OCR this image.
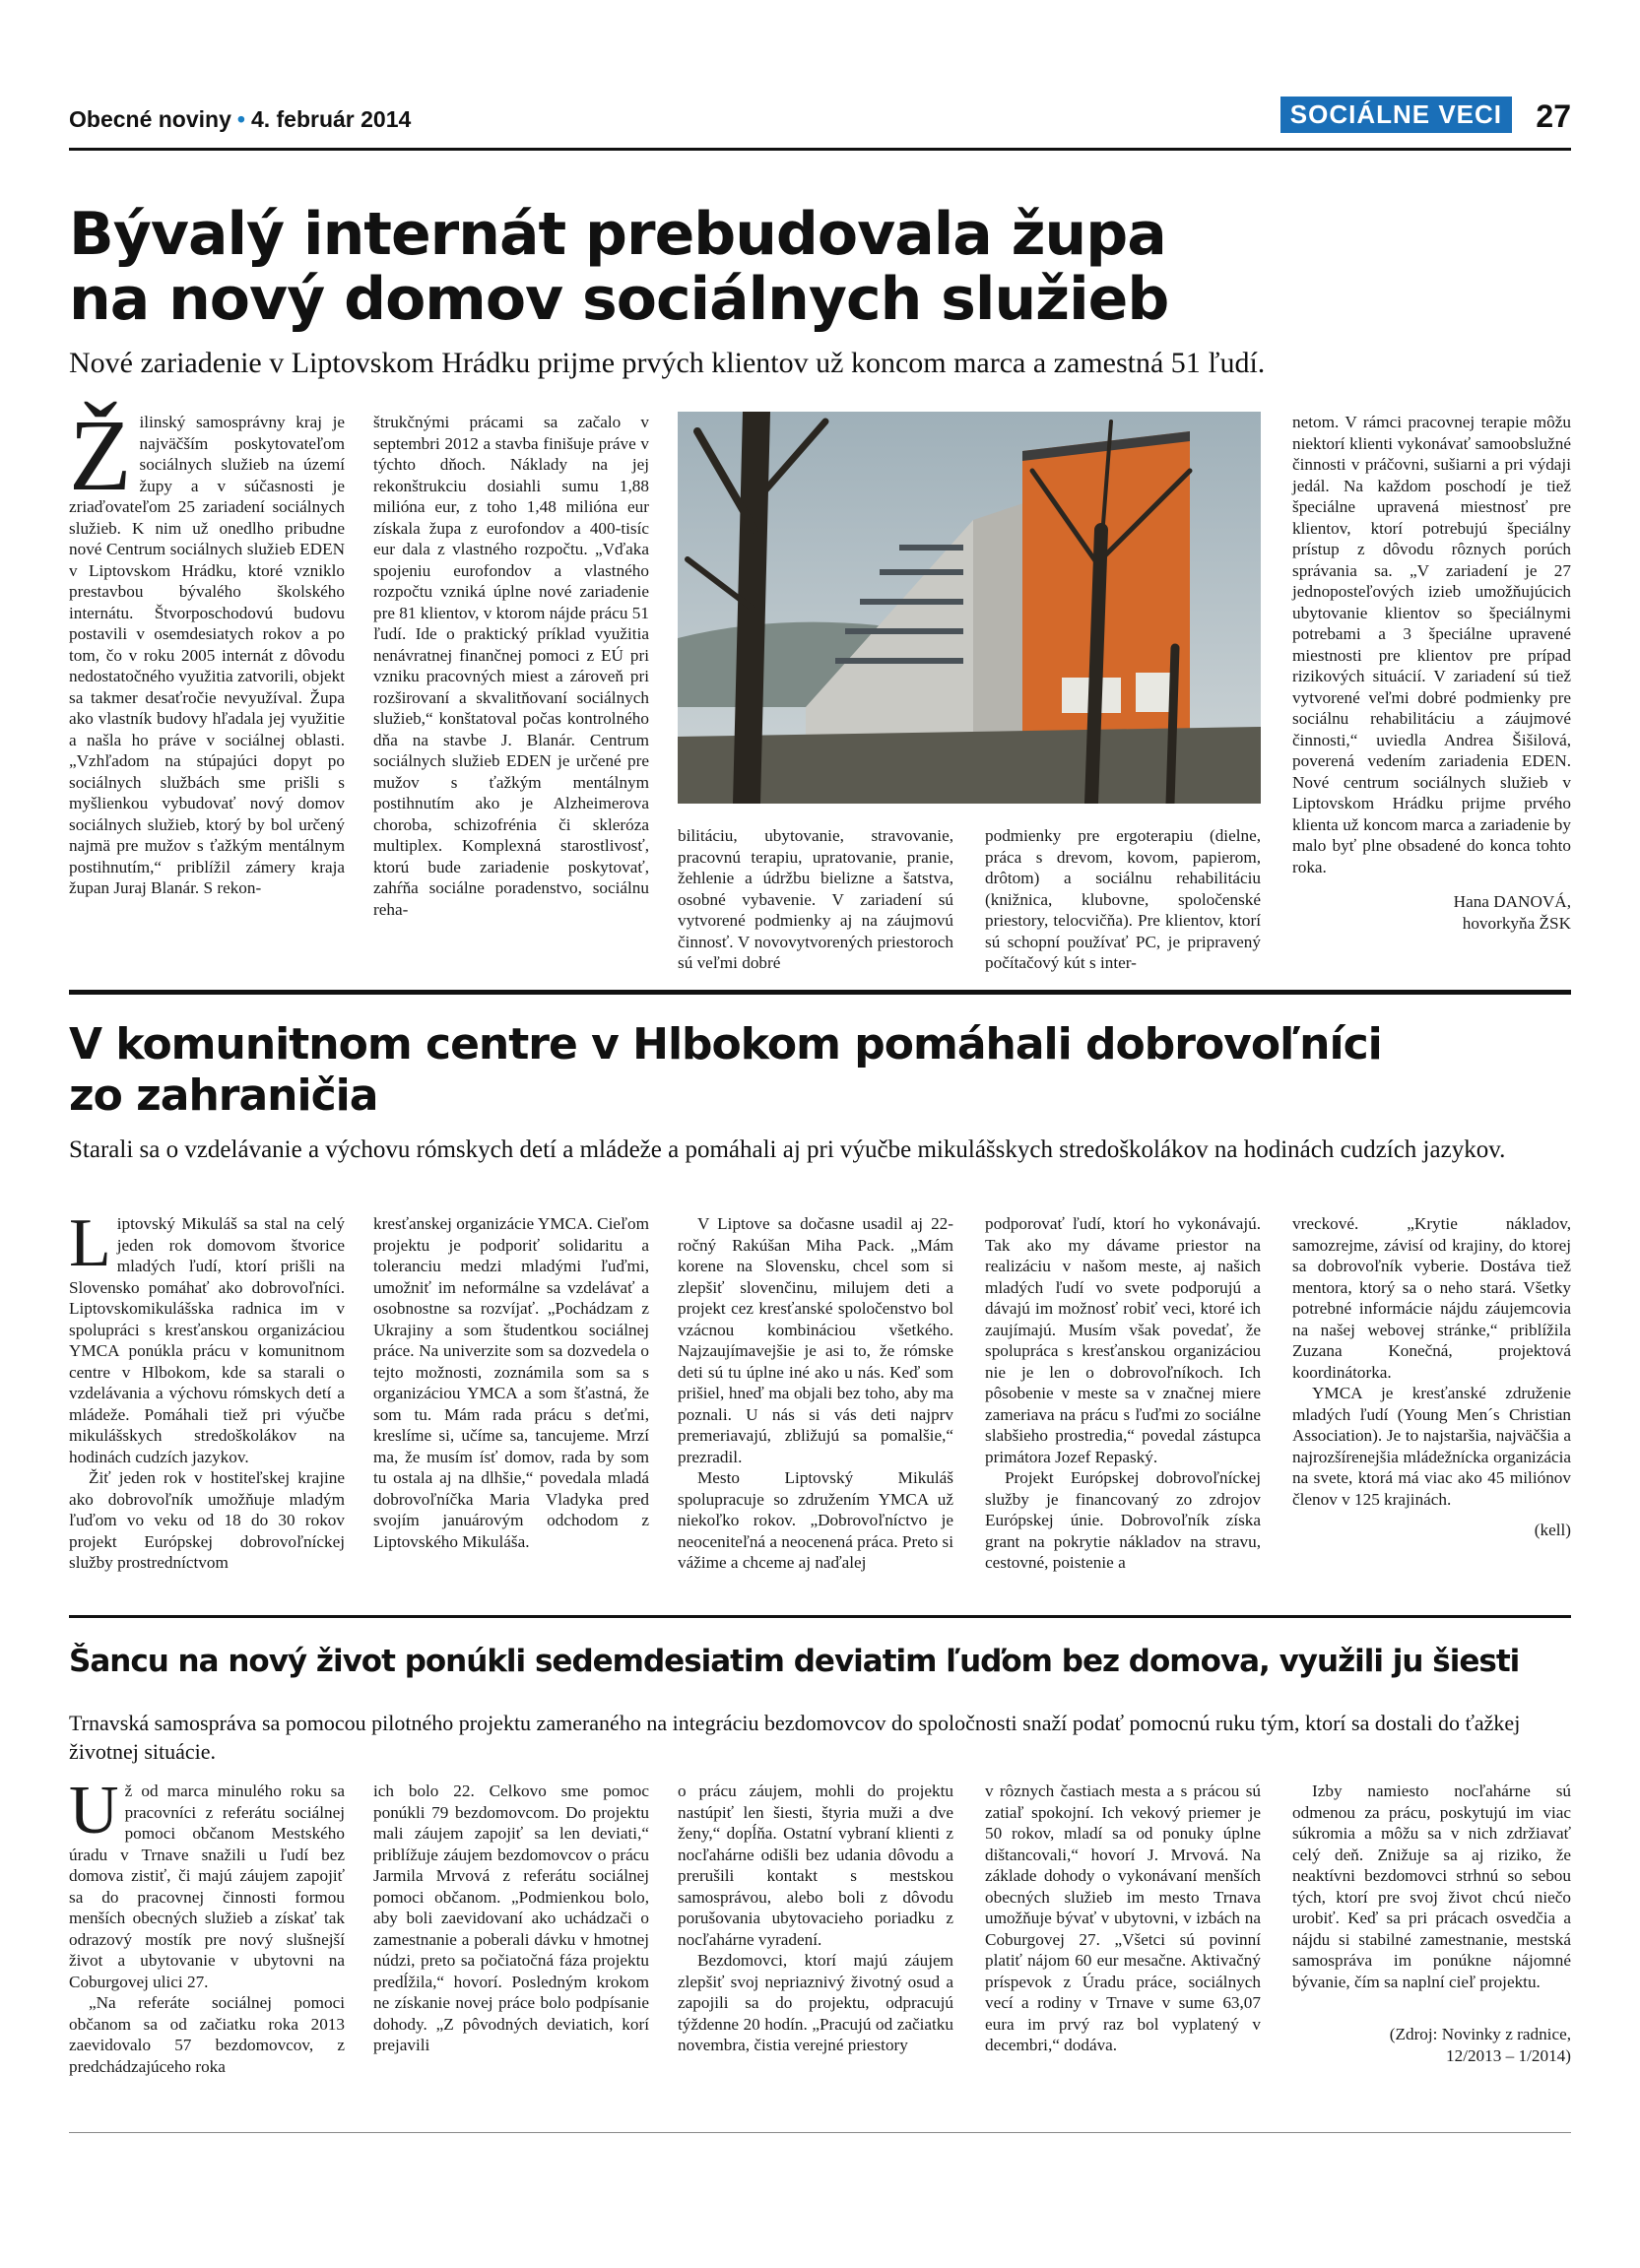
Obecné noviny • 4. február 2014	SOCIÁLNE VECI	27
Bývalý internát prebudovala župa
na nový domov sociálnych služieb
Nové zariadenie v Liptovskom Hrádku prijme prvých klientov už koncom marca a zamestná 51 ľudí.
Žilinský samosprávny kraj je najväčším poskytovateľom sociálnych služieb na území župy a v súčasnosti je zriaďovateľom 25 zariadení sociálnych služieb. K nim už onedlho pribudne nové Centrum sociálnych služieb EDEN v Liptovskom Hrádku, ktoré vzniklo prestavbou bývalého školského internátu. Štvorposchodovú budovu postavili v osemdesiatych rokov a po tom, čo v roku 2005 internát z dôvodu nedostatočného využitia zatvorili, objekt sa takmer desaťročie nevyužíval. Župa ako vlastník budovy hľadala jej využitie a našla ho práve v sociálnej oblasti. „Vzhľadom na stúpajúci dopyt po sociálnych službách sme prišli s myšlienkou vybudovať nový domov sociálnych služieb, ktorý by bol určený najmä pre mužov s ťažkým mentálnym postihnutím,“ priblížil zámery kraja župan Juraj Blanár. S rekon-
štrukčnými prácami sa začalo v septembri 2012 a stavba finišuje práve v týchto dňoch. Náklady na jej rekonštrukciu dosiahli sumu 1,88 milióna eur, z toho 1,48 milióna eur získala župa z eurofondov a 400-tisíc eur dala z vlastného rozpočtu. „Vďaka spojeniu eurofondov a vlastného rozpočtu vzniká úplne nové zariadenie pre 81 klientov, v ktorom nájde prácu 51 ľudí. Ide o praktický príklad využitia nenávratnej finančnej pomoci z EÚ pri vzniku pracovných miest a zároveň pri rozširovaní a skvalitňovaní sociálnych služieb,“ konštatoval počas kontrolného dňa na stavbe J. Blanár. Centrum sociálnych služieb EDEN je určené pre mužov s ťažkým mentálnym postihnutím ako je Alzheimerova choroba, schizofrénia či skleróza multiplex. Komplexná starostlivosť, ktorú bude zariadenie poskytovať, zahŕňa sociálne poradenstvo, sociálnu reha-
bilitáciu, ubytovanie, stravovanie, pracovnú terapiu, upratovanie, pranie, žehlenie a údržbu bielizne a šatstva, osobné vybavenie. V zariadení sú vytvorené podmienky aj na záujmovú činnosť. V novovytvorených priestoroch sú veľmi dobré
podmienky pre ergoterapiu (dielne, práca s drevom, kovom, papierom, drôtom) a sociálnu rehabilitáciu (knižnica, klubovne, spoločenské priestory, telocvičňa). Pre klientov, ktorí sú schopní používať PC, je pripravený počítačový kút s inter-
netom. V rámci pracovnej terapie môžu niektorí klienti vykonávať samoobslužné činnosti v práčovni, sušiarni a pri výdaji jedál. Na každom poschodí je tiež špeciálne upravená miestnosť pre klientov, ktorí potrebujú špeciálny prístup z dôvodu rôznych porúch správania sa. „V zariadení je 27 jednoposteľových izieb umožňujúcich ubytovanie klientov so špeciálnymi potrebami a 3 špeciálne upravené miestnosti pre klientov pre prípad rizikových situácií. V zariadení sú tiež vytvorené veľmi dobré podmienky pre sociálnu rehabilitáciu a záujmové činnosti,“ uviedla Andrea Šišilová, poverená vedením zariadenia EDEN. Nové centrum sociálnych služieb v Liptovskom Hrádku prijme prvého klienta už koncom marca a zariadenie by malo byť plne obsadené do konca tohto roka.
Hana DANOVÁ,
hovorkyňa ŽSK
V komunitnom centre v Hlbokom pomáhali dobrovoľníci
zo zahraničia
Starali sa o vzdelávanie a výchovu rómskych detí a mládeže a pomáhali aj pri výučbe mikulášskych stredoškolákov na hodinách cudzích jazykov.
Liptovský Mikuláš sa stal na celý jeden rok domovom štvorice mladých ľudí, ktorí prišli na Slovensko pomáhať ako dobrovoľníci. Liptovskomikulášska radnica im v spolupráci s kresťanskou organizáciou YMCA ponúkla prácu v komunitnom centre v Hlbokom, kde sa starali o vzdelávania a výchovu rómskych detí a mládeže. Pomáhali tiež pri výučbe mikulášskych stredoškolákov na hodinách cudzích jazykov.
Žiť jeden rok v hostiteľskej krajine ako dobrovoľník umožňuje mladým ľuďom vo veku od 18 do 30 rokov projekt Európskej dobrovoľníckej služby prostredníctvom
kresťanskej organizácie YMCA. Cieľom projektu je podporiť solidaritu a toleranciu medzi mladými ľuďmi, umožniť im neformálne sa vzdelávať a osobnostne sa rozvíjať. „Pochádzam z Ukrajiny a som študentkou sociálnej práce. Na univerzite som sa dozvedela o tejto možnosti, zoznámila som sa s organizáciou YMCA a som šťastná, že som tu. Mám rada prácu s deťmi, kreslíme si, učíme sa, tancujeme. Mrzí ma, že musím ísť domov, rada by som tu ostala aj na dlhšie,“ povedala mladá dobrovoľníčka Maria Vladyka pred svojím januárovým odchodom z Liptovského Mikuláša.
V Liptove sa dočasne usadil aj 22-ročný Rakúšan Miha Pack. „Mám korene na Slovensku, chcel som si zlepšiť slovenčinu, milujem deti a projekt cez kresťanské spoločenstvo bol vzácnou kombináciou všetkého. Najzaujímavejšie je asi to, že rómske deti sú tu úplne iné ako u nás. Keď som prišiel, hneď ma objali bez toho, aby ma poznali. U nás si vás deti najprv premeriavajú, zbližujú sa pomalšie,“ prezradil.
Mesto Liptovský Mikuláš spolupracuje so združením YMCA už niekoľko rokov. „Dobrovoľníctvo je neoceniteľná a neocenená práca. Preto si vážime a chceme aj naďalej
podporovať ľudí, ktorí ho vykonávajú. Tak ako my dávame priestor na realizáciu v našom meste, aj našich mladých ľudí vo svete podporujú a dávajú im možnosť robiť veci, ktoré ich zaujímajú. Musím však povedať, že spolupráca s kresťanskou organizáciou nie je len o dobrovoľníkoch. Ich pôsobenie v meste sa v značnej miere zameriava na prácu s ľuďmi zo sociálne slabšieho prostredia,“ povedal zástupca primátora Jozef Repaský.
Projekt Európskej dobrovoľníckej služby je financovaný zo zdrojov Európskej únie. Dobrovoľník získa grant na pokrytie nákladov na stravu, cestovné, poistenie a
vreckové. „Krytie nákladov, samozrejme, závisí od krajiny, do ktorej sa dobrovoľník vyberie. Dostáva tiež mentora, ktorý sa o neho stará. Všetky potrebné informácie nájdu záujemcovia na našej webovej stránke,“ priblížila Zuzana Konečná, projektová koordinátorka.
YMCA je kresťanské združenie mladých ľudí (Young Men´s Christian Association). Je to najstaršia, najväčšia a najrozšírenejšia mládežnícka organizácia na svete, ktorá má viac ako 45 miliónov členov v 125 krajinách.
(kell)
Šancu na nový život ponúkli sedemdesiatim deviatim ľuďom bez domova, využili ju šiesti
Trnavská samospráva sa pomocou pilotného projektu zameraného na integráciu bezdomovcov do spoločnosti snaží podať pomocnú ruku tým, ktorí sa dostali do ťažkej životnej situácie.
Už od marca minulého roku sa pracovníci z referátu sociálnej pomoci občanom Mestského úradu v Trnave snažili u ľudí bez domova zistiť, či majú záujem zapojiť sa do pracovnej činnosti formou menších obecných služieb a získať tak odrazový mostík pre nový slušnejší život a ubytovanie v ubytovni na Coburgovej ulici 27.
„Na referáte sociálnej pomoci občanom sa od začiatku roka 2013 zaevidovalo 57 bezdomovcov, z predchádzajúceho roka
ich bolo 22. Celkovo sme pomoc ponúkli 79 bezdomovcom. Do projektu mali záujem zapojiť sa len deviati,“ priblížuje záujem bezdomovcov o prácu Jarmila Mrvová z referátu sociálnej pomoci občanom. „Podmienkou bolo, aby boli zaevidovaní ako uchádzači o zamestnanie a poberali dávku v hmotnej núdzi, preto sa počiatočná fáza projektu predĺžila,“ hovorí. Posledným krokom ne získanie novej práce bolo podpísanie dohody. „Z pôvodných deviatich, korí prejavili
o prácu záujem, mohli do projektu nastúpiť len šiesti, štyria muži a dve ženy,“ dopĺňa. Ostatní vybraní klienti z nocľahárne odišli bez udania dôvodu a prerušili kontakt s mestskou samosprávou, alebo boli z dôvodu porušovania ubytovacieho poriadku z nocľahárne vyradení.
Bezdomovci, ktorí majú záujem zlepšiť svoj nepriaznivý životný osud a zapojili sa do projektu, odpracujú týždenne 20 hodín. „Pracujú od začiatku novembra, čistia verejné priestory
v rôznych častiach mesta a s prácou sú zatiaľ spokojní. Ich vekový priemer je 50 rokov, mladí sa od ponuky úplne dištancovali,“ hovorí J. Mrvová. Na základe dohody o vykonávaní menších obecných služieb im mesto Trnava umožňuje bývať v ubytovni, v izbách na Coburgovej 27. „Všetci sú povinní platiť nájom 60 eur mesačne. Aktivačný príspevok z Úradu práce, sociálnych vecí a rodiny v Trnave v sume 63,07 eura im prvý raz bol vyplatený v decembri,“ dodáva.
Izby namiesto nocľahárne sú odmenou za prácu, poskytujú im viac súkromia a môžu sa v nich zdržiavať celý deň. Znižuje sa aj riziko, že neaktívni bezdomovci strhnú so sebou tých, ktorí pre svoj život chcú niečo urobiť. Keď sa pri prácach osvedčia a nájdu si stabilné zamestnanie, mestská samospráva im ponúkne nájomné bývanie, čím sa naplní cieľ projektu.
(Zdroj: Novinky z radnice,
12/2013 – 1/2014)
